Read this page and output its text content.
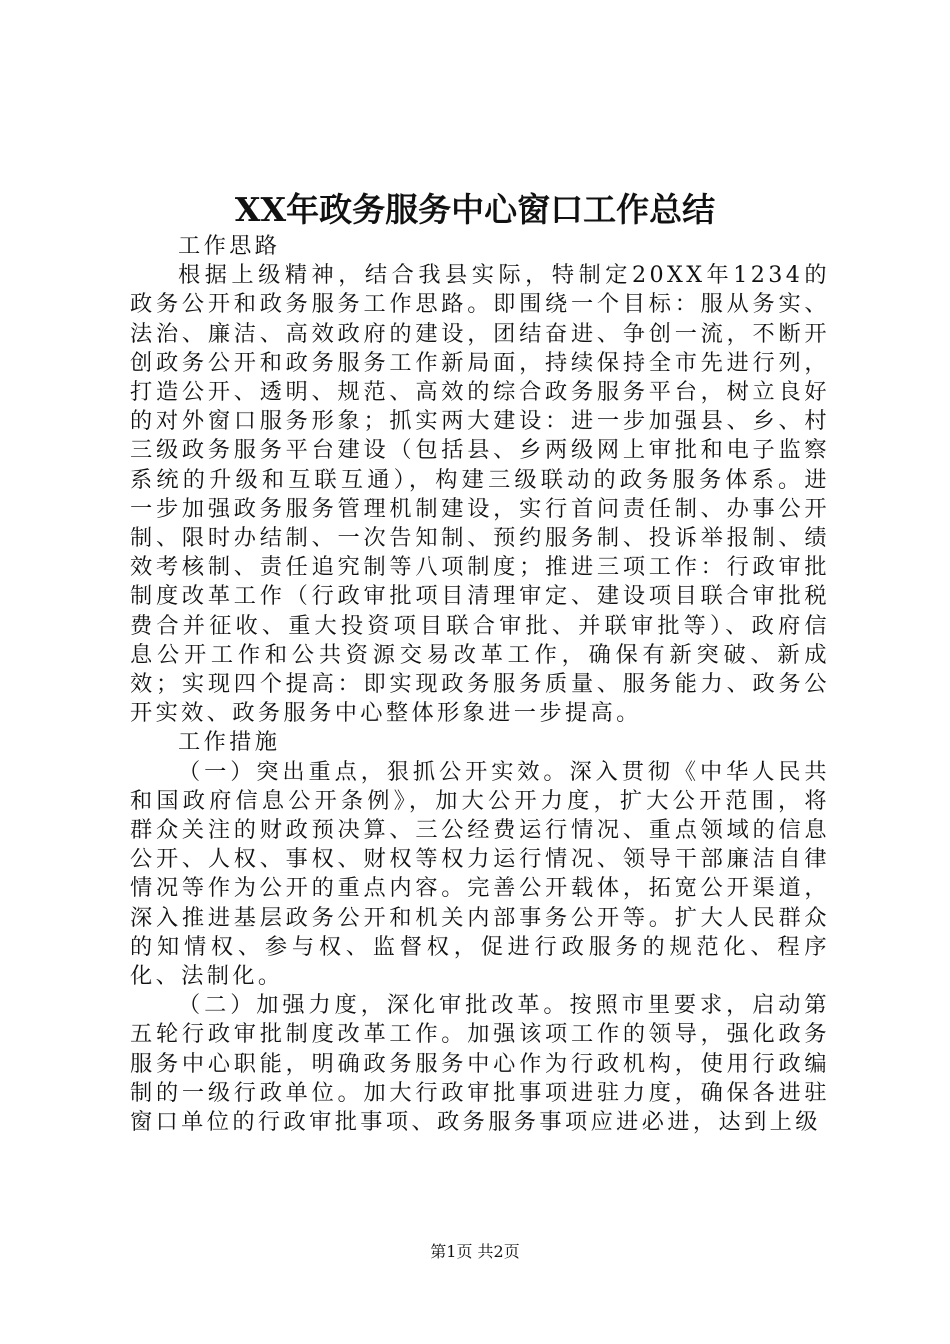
XX年政务服务中心窗口工作总结

工作思路

根据上级精神，结合我县实际，特制定20XX年1234的政务公开和政务服务工作思路。即围绕一个目标：服从务实、法治、廉洁、高效政府的建设，团结奋进、争创一流，不断开创政务公开和政务服务工作新局面，持续保持全市先进行列，打造公开、透明、规范、高效的综合政务服务平台，树立良好的对外窗口服务形象；抓实两大建设：进一步加强县、乡、村三级政务服务平台建设（包括县、乡两级网上审批和电子监察系统的升级和互联互通），构建三级联动的政务服务体系。进一步加强政务服务管理机制建设，实行首问责任制、办事公开制、限时办结制、一次告知制、预约服务制、投诉举报制、绩效考核制、责任追究制等八项制度；推进三项工作：行政审批制度改革工作（行政审批项目清理审定、建设项目联合审批税费合并征收、重大投资项目联合审批、并联审批等）、政府信息公开工作和公共资源交易改革工作，确保有新突破、新成效；实现四个提高：即实现政务服务质量、服务能力、政务公开实效、政务服务中心整体形象进一步提高。

工作措施

（一）突出重点，狠抓公开实效。深入贯彻《中华人民共和国政府信息公开条例》，加大公开力度，扩大公开范围，将群众关注的财政预决算、三公经费运行情况、重点领域的信息公开、人权、事权、财权等权力运行情况、领导干部廉洁自律情况等作为公开的重点内容。完善公开载体，拓宽公开渠道，深入推进基层政务公开和机关内部事务公开等。扩大人民群众的知情权、参与权、监督权，促进行政服务的规范化、程序化、法制化。

（二）加强力度，深化审批改革。按照市里要求，启动第五轮行政审批制度改革工作。加强该项工作的领导，强化政务服务中心职能，明确政务服务中心作为行政机构，使用行政编制的一级行政单位。加大行政审批事项进驻力度，确保各进驻窗口单位的行政审批事项、政务服务事项应进必进，达到上级

第1页 共2页
